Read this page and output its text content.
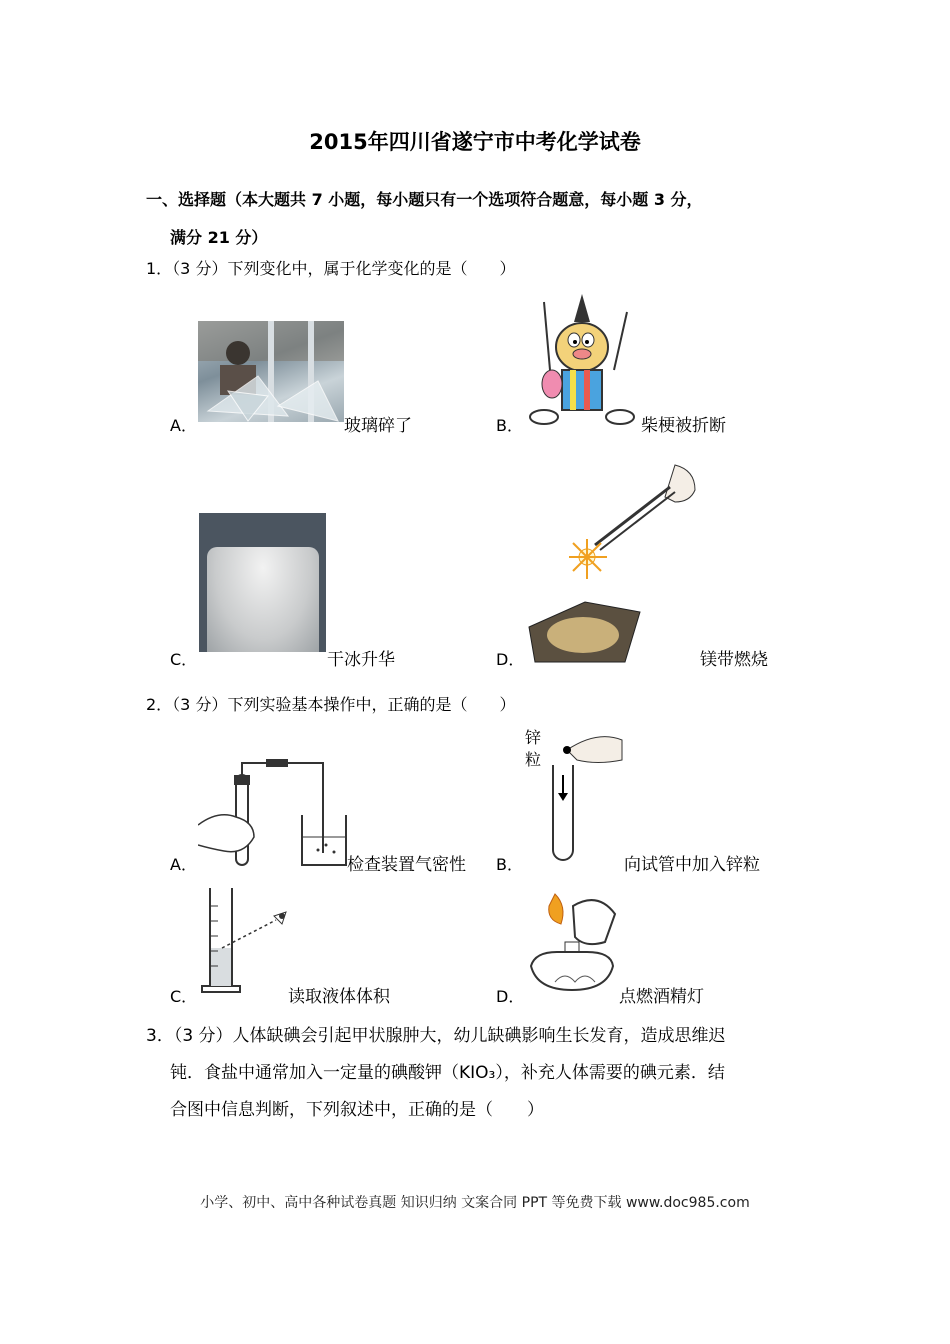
2015年四川省遂宁市中考化学试卷
一、选择题（本大题共 7 小题，每小题只有一个选项符合题意，每小题 3 分，
满分 21 分）
1．（3 分）下列变化中，属于化学变化的是（　　）
A．	玻璃碎了	B．	柴梗被折断
C．	干冰升华	D．	镁带燃烧
2．（3 分）下列实验基本操作中，正确的是（　　）
A．	检查装置气密性
锌粒
B．	向试管中加入锌粒
C．	读取液体体积	D．	点燃酒精灯
3．（3 分）人体缺碘会引起甲状腺肿大，幼儿缺碘影响生长发育，造成思维迟
钝．食盐中通常加入一定量的碘酸钾（KIO₃），补充人体需要的碘元素．结
合图中信息判断，下列叙述中，正确的是（　　）
小学、初中、高中各种试卷真题 知识归纳 文案合同 PPT 等免费下载 www.doc985.com
